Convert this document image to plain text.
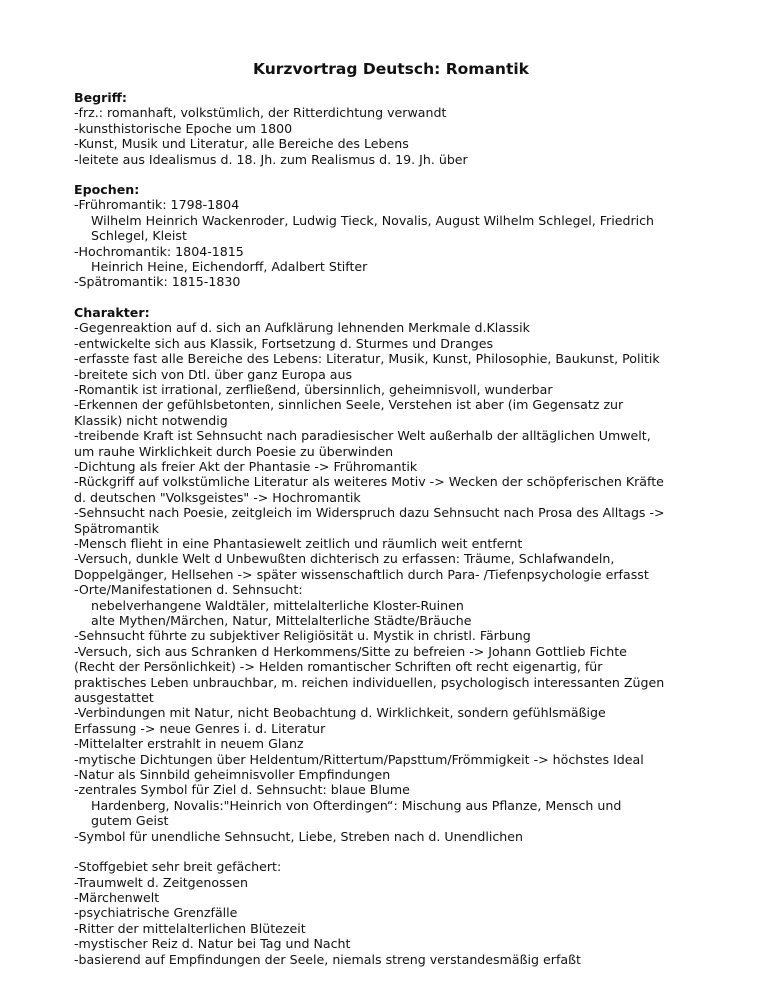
Kurzvortrag Deutsch: Romantik
Begriff:
-frz.: romanhaft, volkstümlich, der Ritterdichtung verwandt
-kunsthistorische Epoche um 1800
-Kunst, Musik und Literatur, alle Bereiche des Lebens
-leitete aus Idealismus d. 18. Jh. zum Realismus d. 19. Jh. über
Epochen:
-Frühromantik: 1798-1804
Wilhelm Heinrich Wackenroder, Ludwig Tieck, Novalis, August Wilhelm Schlegel, Friedrich
Schlegel, Kleist
-Hochromantik: 1804-1815
Heinrich Heine, Eichendorff, Adalbert Stifter
-Spätromantik: 1815-1830
Charakter:
-Gegenreaktion auf d. sich an Aufklärung lehnenden Merkmale d.Klassik
-entwickelte sich aus Klassik, Fortsetzung d. Sturmes und Dranges
-erfasste fast alle Bereiche des Lebens: Literatur, Musik, Kunst, Philosophie, Baukunst, Politik
-breitete sich von Dtl. über ganz Europa aus
-Romantik ist irrational, zerfließend, übersinnlich, geheimnisvoll, wunderbar
-Erkennen der gefühlsbetonten, sinnlichen Seele, Verstehen ist aber (im Gegensatz zur
Klassik) nicht notwendig
-treibende Kraft ist Sehnsucht nach paradiesischer Welt außerhalb der alltäglichen Umwelt,
um rauhe Wirklichkeit durch Poesie zu überwinden
-Dichtung als freier Akt der Phantasie -> Frühromantik
-Rückgriff auf volkstümliche Literatur als weiteres Motiv -> Wecken der schöpferischen Kräfte
d. deutschen "Volksgeistes" -> Hochromantik
-Sehnsucht nach Poesie, zeitgleich im Widerspruch dazu Sehnsucht nach Prosa des Alltags ->
Spätromantik
-Mensch flieht in eine Phantasiewelt zeitlich und räumlich weit entfernt
-Versuch, dunkle Welt d Unbewußten dichterisch zu erfassen: Träume, Schlafwandeln,
Doppelgänger, Hellsehen -> später wissenschaftlich durch Para- /Tiefenpsychologie erfasst
-Orte/Manifestationen d. Sehnsucht:
nebelverhangene Waldtäler, mittelalterliche Kloster-Ruinen
alte Mythen/Märchen, Natur, Mittelalterliche Städte/Bräuche
-Sehnsucht führte zu subjektiver Religiösität u. Mystik in christl. Färbung
-Versuch, sich aus Schranken d Herkommens/Sitte zu befreien -> Johann Gottlieb Fichte
(Recht der Persönlichkeit) -> Helden romantischer Schriften oft recht eigenartig, für
praktisches Leben unbrauchbar, m. reichen individuellen, psychologisch interessanten Zügen
ausgestattet
-Verbindungen mit Natur, nicht Beobachtung d. Wirklichkeit, sondern gefühlsmäßige
Erfassung -> neue Genres i. d. Literatur
-Mittelalter erstrahlt in neuem Glanz
-mytische Dichtungen über Heldentum/Rittertum/Papsttum/Frömmigkeit -> höchstes Ideal
-Natur als Sinnbild geheimnisvoller Empfindungen
-zentrales Symbol für Ziel d. Sehnsucht: blaue Blume
Hardenberg, Novalis:"Heinrich von Ofterdingen“: Mischung aus Pflanze, Mensch und
gutem Geist
-Symbol für unendliche Sehnsucht, Liebe, Streben nach d. Unendlichen
-Stoffgebiet sehr breit gefächert:
-Traumwelt d. Zeitgenossen
-Märchenwelt
-psychiatrische Grenzfälle
-Ritter der mittelalterlichen Blütezeit
-mystischer Reiz d. Natur bei Tag und Nacht
-basierend auf Empfindungen der Seele, niemals streng verstandesmäßig erfaßt
